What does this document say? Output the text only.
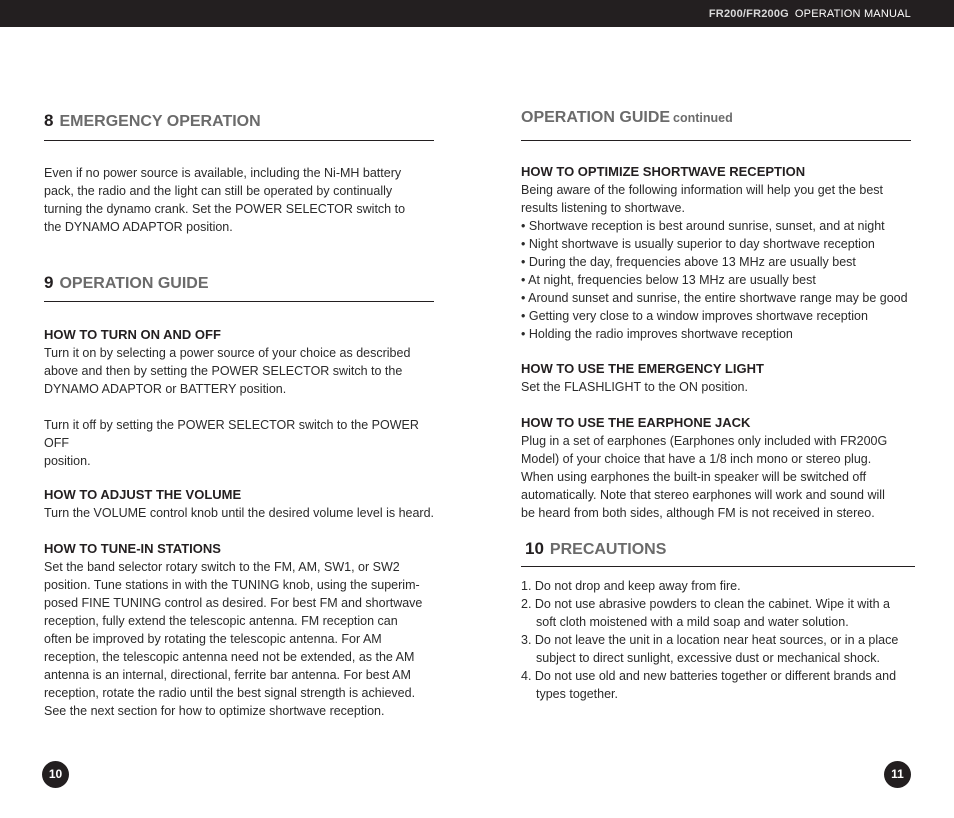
FR200/FR200G OPERATION MANUAL
8 EMERGENCY OPERATION

Even if no power source is available, including the Ni-MH battery
pack, the radio and the light can still be operated by continually
turning the dynamo crank. Set the POWER SELECTOR switch to
the DYNAMO ADAPTOR position.

9 OPERATION GUIDE

HOW TO TURN ON AND OFF

Turn it on by selecting a power source of your choice as described
above and then by setting the POWER SELECTOR switch to the
DYNAMO ADAPTOR or BATTERY position.

Turn it off by setting the POWER SELECTOR switch to the POWER OFF
position.

HOW TO ADJUST THE VOLUME

Turn the VOLUME control knob until the desired volume level is heard.

HOW TO TUNE-IN STATIONS

Set the band selector rotary switch to the FM, AM, SW1, or SW2
position. Tune stations in with the TUNING knob, using the superim-
posed FINE TUNING control as desired. For best FM and shortwave
reception, fully extend the telescopic antenna. FM reception can
often be improved by rotating the telescopic antenna. For AM
reception, the telescopic antenna need not be extended, as the AM
antenna is an internal, directional, ferrite bar antenna. For best AM
reception, rotate the radio until the best signal strength is achieved.
See the next section for how to optimize shortwave reception.

10
OPERATION GUIDE continued

HOW TO OPTIMIZE SHORTWAVE RECEPTION

Being aware of the following information will help you get the best
results listening to shortwave.

• Shortwave reception is best around sunrise, sunset, and at night
• Night shortwave is usually superior to day shortwave reception
• During the day, frequencies above 13 MHz are usually best
• At night, frequencies below 13 MHz are usually best
• Around sunset and sunrise, the entire shortwave range may be good
• Getting very close to a window improves shortwave reception
• Holding the radio improves shortwave reception

HOW TO USE THE EMERGENCY LIGHT

Set the FLASHLIGHT to the ON position.

HOW TO USE THE EARPHONE JACK

Plug in a set of earphones (Earphones only included with FR200G
Model) of your choice that have a 1/8 inch mono or stereo plug.
When using earphones the built-in speaker will be switched off
automatically. Note that stereo earphones will work and sound will
be heard from both sides, although FM is not received in stereo.

10 PRECAUTIONS
1. Do not drop and keep away from fire.
2. Do not use abrasive powders to clean the cabinet. Wipe it with a soft cloth moistened with a mild soap and water solution.
3. Do not leave the unit in a location near heat sources, or in a place subject to direct sunlight, excessive dust or mechanical shock.
4. Do not use old and new batteries together or different brands and types together.
11
